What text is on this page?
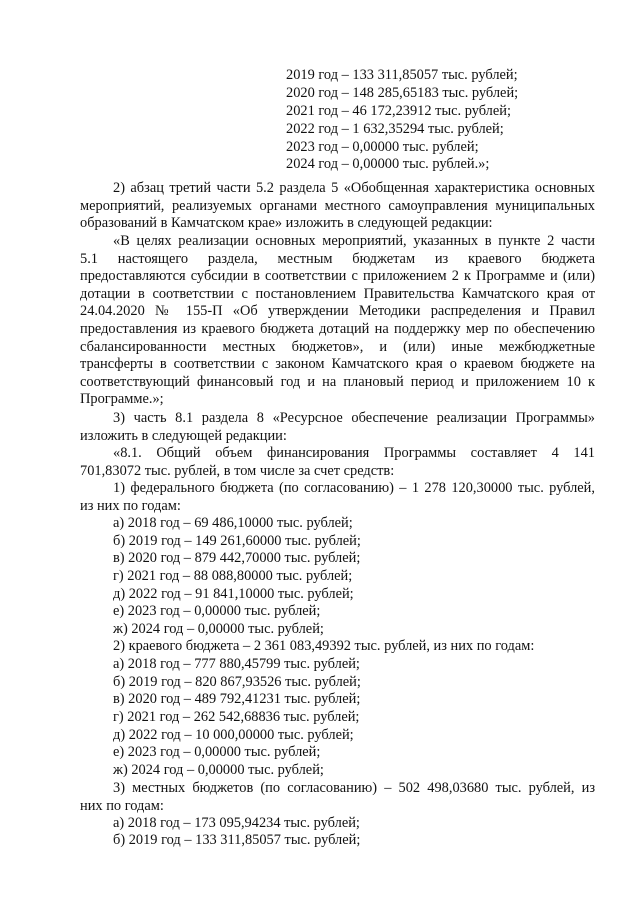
2019 год – 133 311,85057 тыс. рублей;
2020 год – 148 285,65183 тыс. рублей;
2021 год – 46 172,23912 тыс. рублей;
2022 год – 1 632,35294 тыс. рублей;
2023 год – 0,00000 тыс. рублей;
2024 год – 0,00000 тыс. рублей.»;
2) абзац третий части 5.2 раздела 5 «Обобщенная характеристика основных
мероприятий, реализуемых органами местного самоуправления муниципальных
образований в Камчатском крае» изложить в следующей редакции:
«В целях реализации основных мероприятий, указанных в пункте 2 части
5.1 настоящего раздела, местным бюджетам из краевого бюджета
предоставляются субсидии в соответствии с приложением 2 к Программе и (или)
дотации в соответствии с постановлением Правительства Камчатского края от
24.04.2020 № 155-П «Об утверждении Методики распределения и Правил
предоставления из краевого бюджета дотаций на поддержку мер по обеспечению
сбалансированности местных бюджетов», и (или) иные межбюджетные
трансферты в соответствии с законом Камчатского края о краевом бюджете на
соответствующий финансовый год и на плановый период и приложением 10 к
Программе.»;
3) часть 8.1 раздела 8 «Ресурсное обеспечение реализации Программы»
изложить в следующей редакции:
«8.1. Общий объем финансирования Программы составляет 4 141
701,83072 тыс. рублей, в том числе за счет средств:
1) федерального бюджета (по согласованию) – 1 278 120,30000 тыс. рублей,
из них по годам:
а) 2018 год – 69 486,10000 тыс. рублей;
б) 2019 год – 149 261,60000 тыс. рублей;
в) 2020 год – 879 442,70000 тыс. рублей;
г) 2021 год – 88 088,80000 тыс. рублей;
д) 2022 год – 91 841,10000 тыс. рублей;
е) 2023 год – 0,00000 тыс. рублей;
ж) 2024 год – 0,00000 тыс. рублей;
2) краевого бюджета – 2 361 083,49392 тыс. рублей, из них по годам:
а) 2018 год – 777 880,45799 тыс. рублей;
б) 2019 год – 820 867,93526 тыс. рублей;
в) 2020 год – 489 792,41231 тыс. рублей;
г) 2021 год – 262 542,68836 тыс. рублей;
д) 2022 год – 10 000,00000 тыс. рублей;
е) 2023 год – 0,00000 тыс. рублей;
ж) 2024 год – 0,00000 тыс. рублей;
3) местных бюджетов (по согласованию) – 502 498,03680 тыс. рублей, из
них по годам:
а) 2018 год – 173 095,94234 тыс. рублей;
б) 2019 год – 133 311,85057 тыс. рублей;
